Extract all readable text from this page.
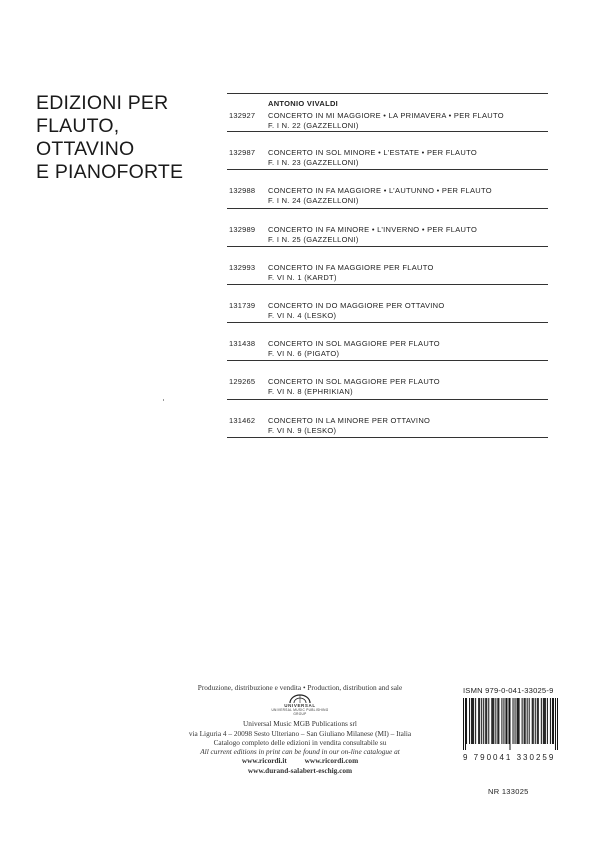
EDIZIONI PER
FLAUTO,
OTTAVINO
E PIANOFORTE
ANTONIO VIVALDI
132927 CONCERTO IN MI MAGGIORE • LA PRIMAVERA • PER FLAUTO
F. I N. 22 (GAZZELLONI)
132987 CONCERTO IN SOL MINORE • L’ESTATE • PER FLAUTO
F. I N. 23 (GAZZELLONI)
132988 CONCERTO IN FA MAGGIORE • L’AUTUNNO • PER FLAUTO
F. I N. 24 (GAZZELLONI)
132989 CONCERTO IN FA MINORE • L’INVERNO • PER FLAUTO
F. I N. 25 (GAZZELLONI)
132993 CONCERTO IN FA MAGGIORE PER FLAUTO
F. VI N. 1 (KARDT)
131739 CONCERTO IN DO MAGGIORE PER OTTAVINO
F. VI N. 4 (LESKO)
131438 CONCERTO IN SOL MAGGIORE PER FLAUTO
F. VI N. 6 (PIGATO)
129265 CONCERTO IN SOL MAGGIORE PER FLAUTO
F. VI N. 8 (EPHRIKIAN)
131462 CONCERTO IN LA MINORE PER OTTAVINO
F. VI N. 9 (LESKO)
Produzione, distribuzione e vendita • Production, distribution and sale
UNIVERSAL
UNIVERSAL MUSIC PUBLISHING GROUP
Universal Music MGB Publications srl
via Liguria 4 – 20098 Sesto Ulteriano – San Giuliano Milanese (MI) – Italia
Catalogo completo delle edizioni in vendita consultabile su
All current editions in print can be found in our on-line catalogue at
www.ricordi.it www.ricordi.com
www.durand-salabert-eschig.com
ISMN 979-0-041-33025-9
9 790041 330259
NR 133025
